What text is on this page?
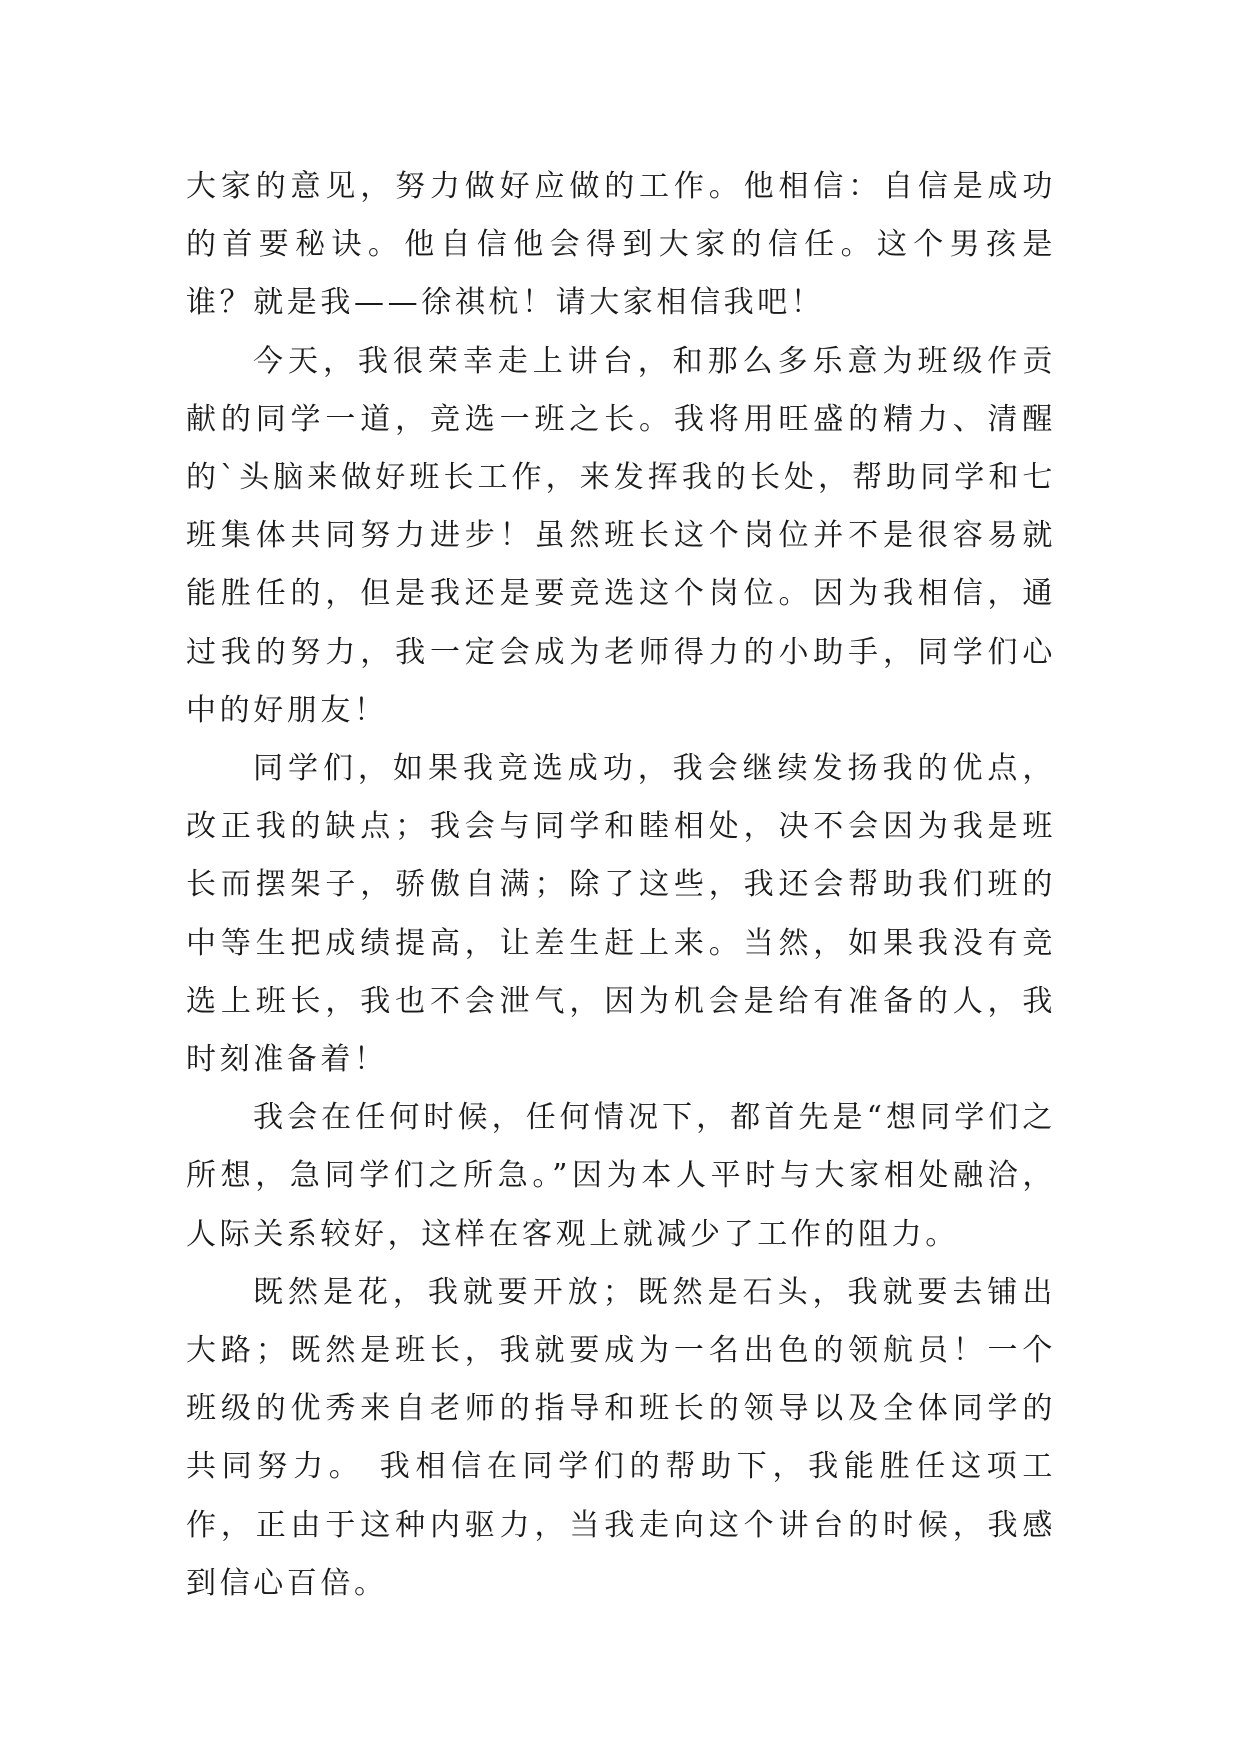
大家的意见，努力做好应做的工作。他相信：自信是成功的首要秘诀。他自信他会得到大家的信任。这个男孩是谁？就是我——徐祺杭！请大家相信我吧！

今天，我很荣幸走上讲台，和那么多乐意为班级作贡献的同学一道，竞选一班之长。我将用旺盛的精力、清醒的`头脑来做好班长工作，来发挥我的长处，帮助同学和七班集体共同努力进步！虽然班长这个岗位并不是很容易就能胜任的，但是我还是要竞选这个岗位。因为我相信，通过我的努力，我一定会成为老师得力的小助手，同学们心中的好朋友！

同学们，如果我竞选成功，我会继续发扬我的优点，改正我的缺点；我会与同学和睦相处，决不会因为我是班长而摆架子，骄傲自满；除了这些，我还会帮助我们班的中等生把成绩提高，让差生赶上来。当然，如果我没有竞选上班长，我也不会泄气，因为机会是给有准备的人，我时刻准备着！

我会在任何时候，任何情况下，都首先是“想同学们之所想，急同学们之所急。”因为本人平时与大家相处融洽，人际关系较好，这样在客观上就减少了工作的阻力。

既然是花，我就要开放；既然是石头，我就要去铺出大路；既然是班长，我就要成为一名出色的领航员！一个班级的优秀来自老师的指导和班长的领导以及全体同学的共同努力。 我相信在同学们的帮助下，我能胜任这项工作，正由于这种内驱力，当我走向这个讲台的时候，我感到信心百倍。
